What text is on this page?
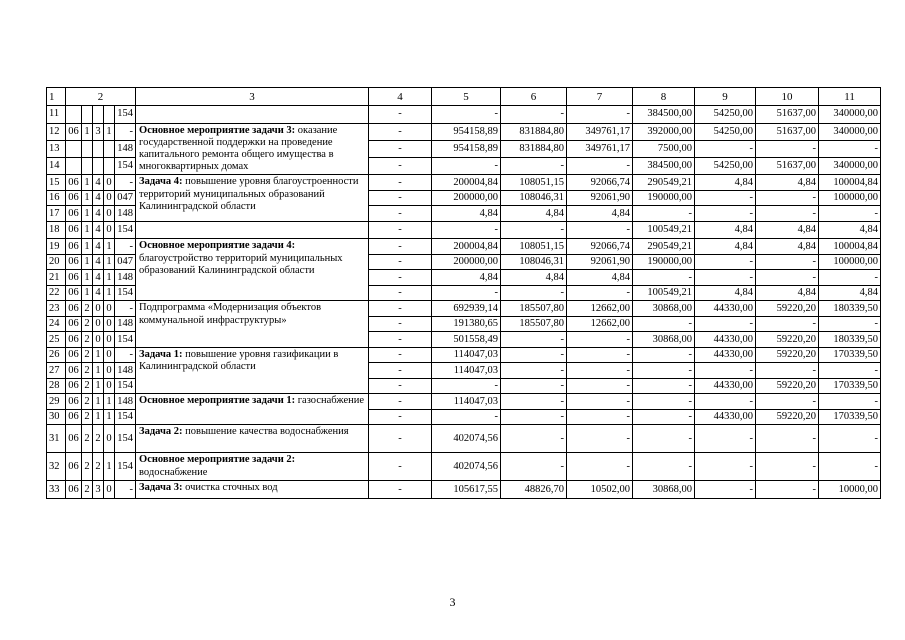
1	2					3	4	5	6	7	8	9	10	11
11					154		-	-	-	-	384500,00	54250,00	51637,00	340000,00
12	06	1	3	1	-	Основное мероприятие задачи 3: оказание государственной поддержки на проведение капитального ремонта общего имущества в многоквартирных домах	-	954158,89	831884,80	349761,17	392000,00	54250,00	51637,00	340000,00
13					148		-	954158,89	831884,80	349761,17	7500,00	-	-	-
14					154		-	-	-	-	384500,00	54250,00	51637,00	340000,00
15	06	1	4	0	-	Задача 4: повышение уровня благоустроенности территорий муниципальных образований Калининградской области	-	200004,84	108051,15	92066,74	290549,21	4,84	4,84	100004,84
16	06	1	4	0	047		-	200000,00	108046,31	92061,90	190000,00	-	-	100000,00
17	06	1	4	0	148		-	4,84	4,84	4,84	-	-	-	-
18	06	1	4	0	154		-	-	-	-	100549,21	4,84	4,84	4,84
19	06	1	4	1	-	Основное мероприятие задачи 4: благоустройство территорий муниципальных образований Калининградской области	-	200004,84	108051,15	92066,74	290549,21	4,84	4,84	100004,84
20	06	1	4	1	047		-	200000,00	108046,31	92061,90	190000,00	-	-	100000,00
21	06	1	4	1	148		-	4,84	4,84	4,84	-	-	-	-
22	06	1	4	1	154		-	-	-	-	100549,21	4,84	4,84	4,84
23	06	2	0	0	-	Подпрограмма «Модернизация объектов коммунальной инфраструктуры»	-	692939,14	185507,80	12662,00	30868,00	44330,00	59220,20	180339,50
24	06	2	0	0	148		-	191380,65	185507,80	12662,00	-	-	-	-
25	06	2	0	0	154		-	501558,49	-	-	30868,00	44330,00	59220,20	180339,50
26	06	2	1	0	-	Задача 1: повышение уровня газификации в Калининградской области	-	114047,03	-	-	-	44330,00	59220,20	170339,50
27	06	2	1	0	148		-	114047,03	-	-	-	-	-	-
28	06	2	1	0	154		-	-	-	-	-	44330,00	59220,20	170339,50
29	06	2	1	1	148	Основное мероприятие задачи 1: газоснабжение	-	114047,03	-	-	-	-	-	-
30	06	2	1	1	154		-	-	-	-	-	44330,00	59220,20	170339,50
31	06	2	2	0	154	Задача 2: повышение качества водоснабжения	-	402074,56	-	-	-	-	-	-
32	06	2	2	1	154	Основное мероприятие задачи 2: водоснабжение	-	402074,56	-	-	-	-	-	-
33	06	2	3	0	-	Задача 3: очистка сточных вод	-	105617,55	48826,70	10502,00	30868,00	-	-	10000,00
3
